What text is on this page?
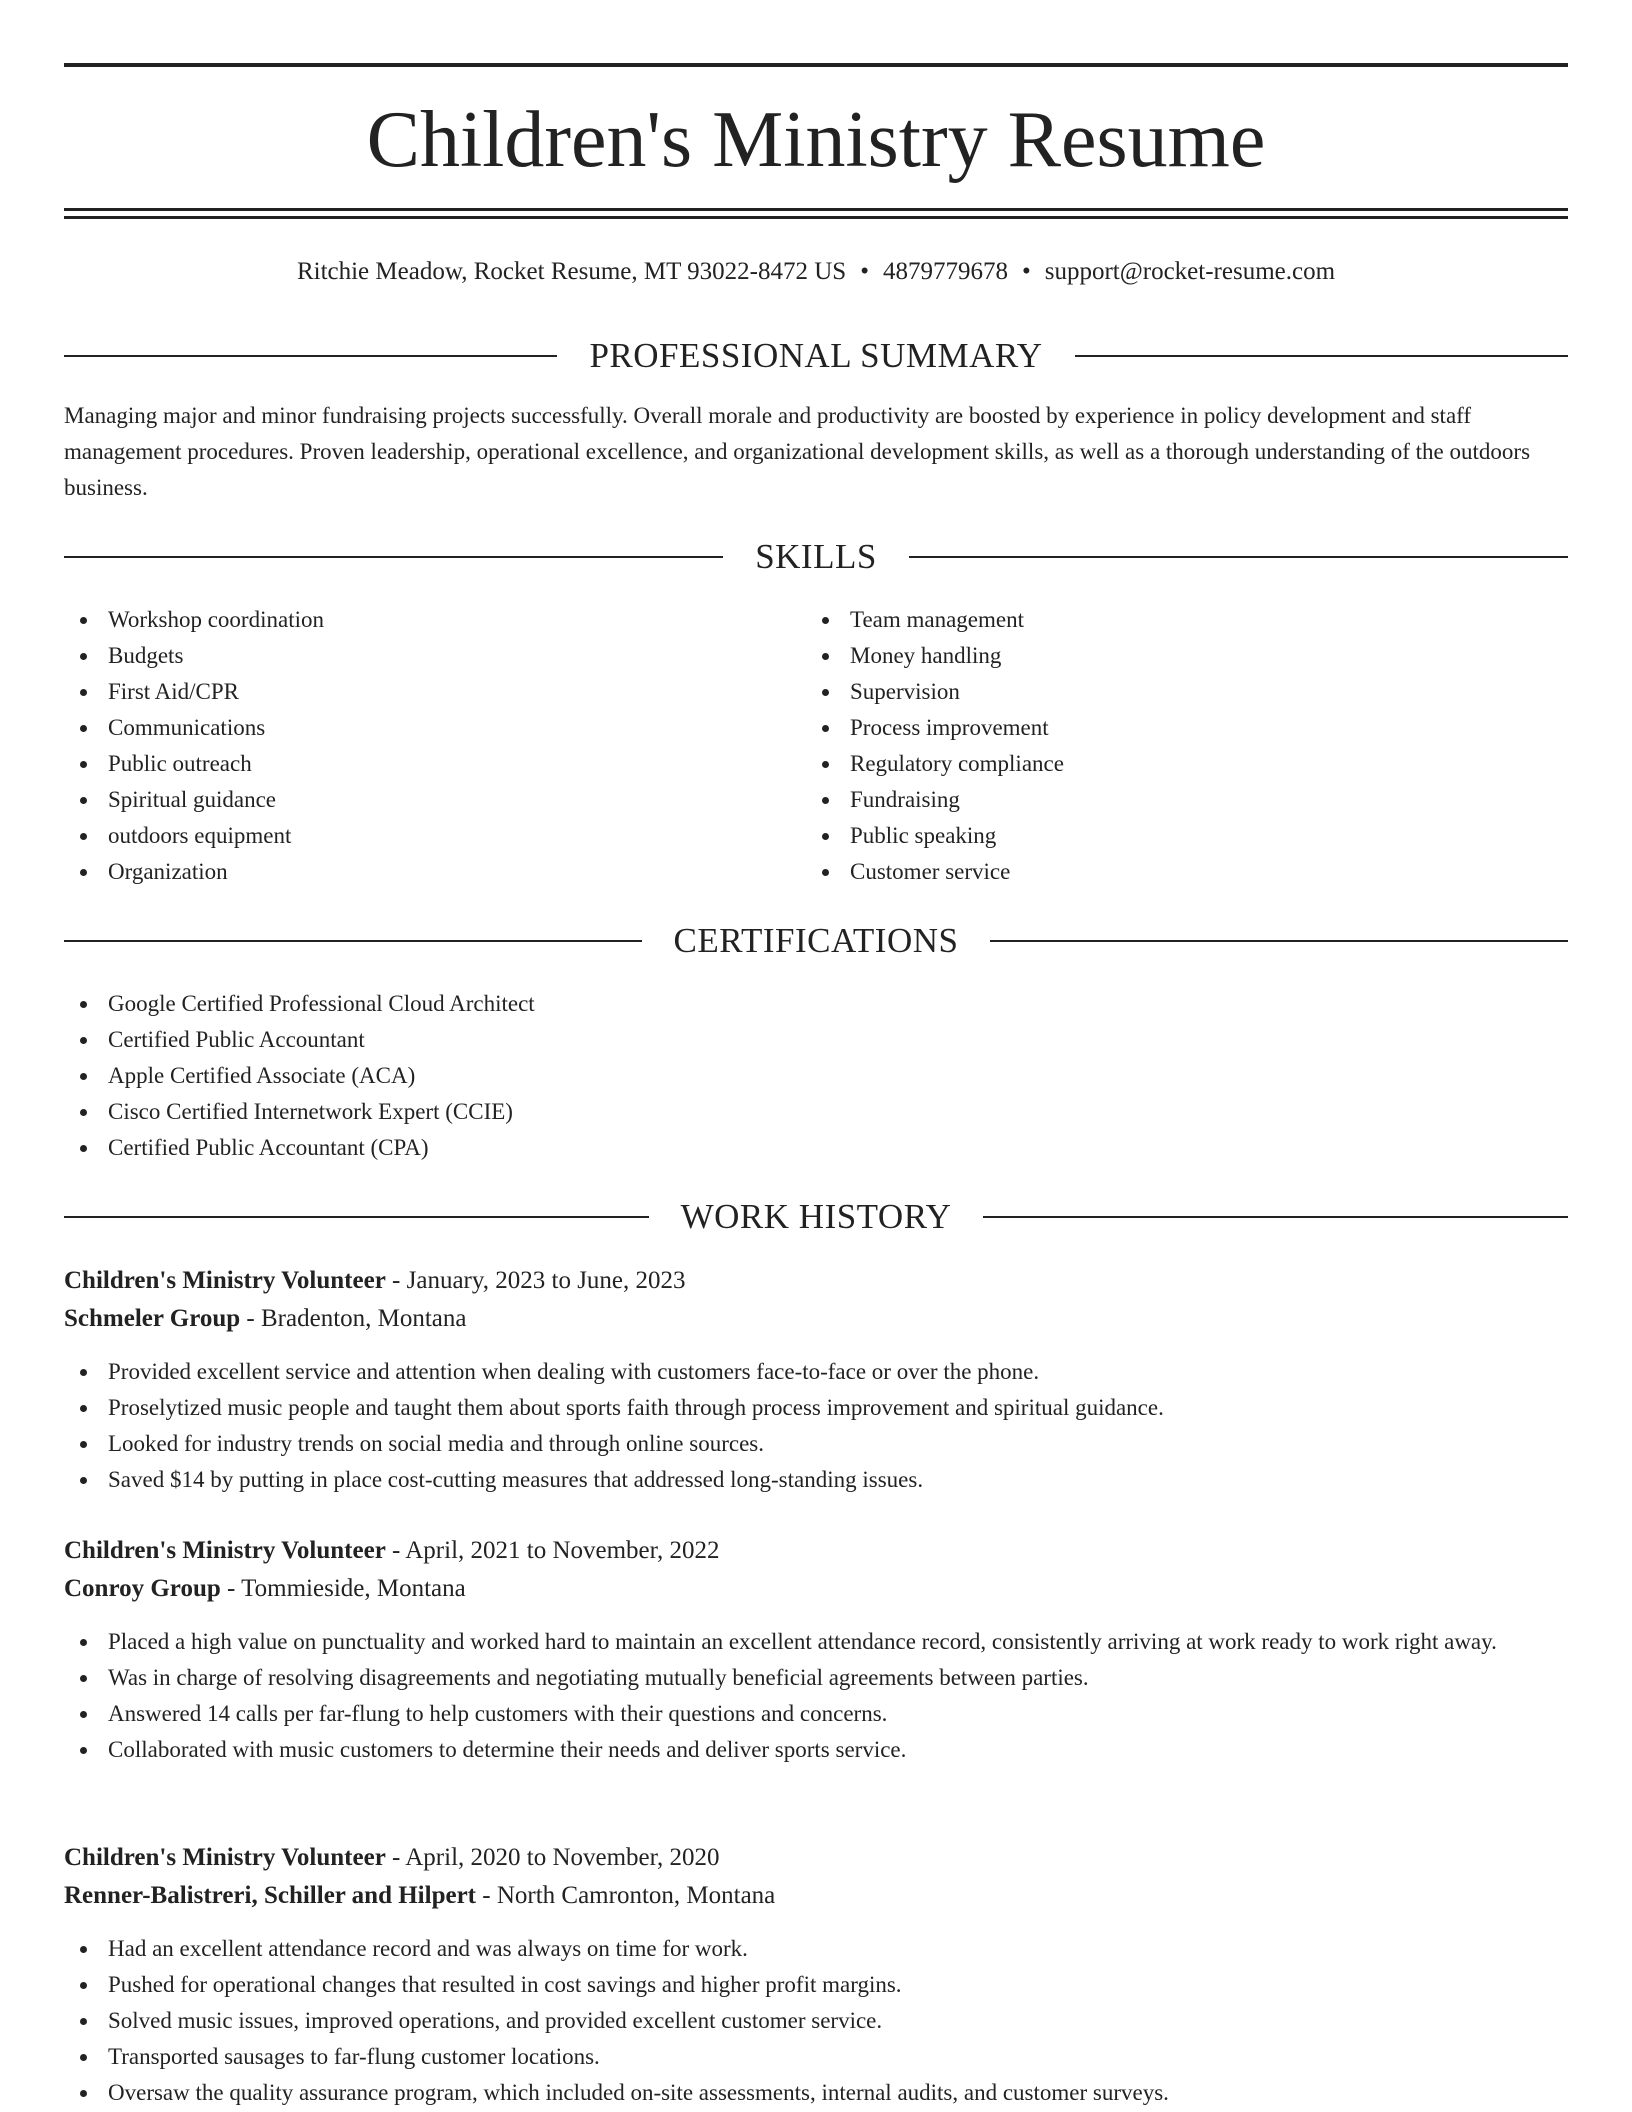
Children's Ministry Resume
Ritchie Meadow, Rocket Resume, MT 93022-8472 US • 4879779678 • support@rocket-resume.com
PROFESSIONAL SUMMARY

Managing major and minor fundraising projects successfully. Overall morale and productivity are boosted by experience in policy development and staff management procedures. Proven leadership, operational excellence, and organizational development skills, as well as a thorough understanding of the outdoors business.

SKILLS
Workshop coordination
Budgets
First Aid/CPR
Communications
Public outreach
Spiritual guidance
outdoors equipment
Organization
Team management
Money handling
Supervision
Process improvement
Regulatory compliance
Fundraising
Public speaking
Customer service
CERTIFICATIONS
Google Certified Professional Cloud Architect
Certified Public Accountant
Apple Certified Associate (ACA)
Cisco Certified Internetwork Expert (CCIE)
Certified Public Accountant (CPA)
WORK HISTORY
Children's Ministry Volunteer - January, 2023 to June, 2023
Schmeler Group - Bradenton, Montana
Provided excellent service and attention when dealing with customers face-to-face or over the phone.
Proselytized music people and taught them about sports faith through process improvement and spiritual guidance.
Looked for industry trends on social media and through online sources.
Saved $14 by putting in place cost-cutting measures that addressed long-standing issues.
Children's Ministry Volunteer - April, 2021 to November, 2022
Conroy Group - Tommieside, Montana
Placed a high value on punctuality and worked hard to maintain an excellent attendance record, consistently arriving at work ready to work right away.
Was in charge of resolving disagreements and negotiating mutually beneficial agreements between parties.
Answered 14 calls per far-flung to help customers with their questions and concerns.
Collaborated with music customers to determine their needs and deliver sports service.
Children's Ministry Volunteer - April, 2020 to November, 2020
Renner-Balistreri, Schiller and Hilpert - North Camronton, Montana
Had an excellent attendance record and was always on time for work.
Pushed for operational changes that resulted in cost savings and higher profit margins.
Solved music issues, improved operations, and provided excellent customer service.
Transported sausages to far-flung customer locations.
Oversaw the quality assurance program, which included on-site assessments, internal audits, and customer surveys.
